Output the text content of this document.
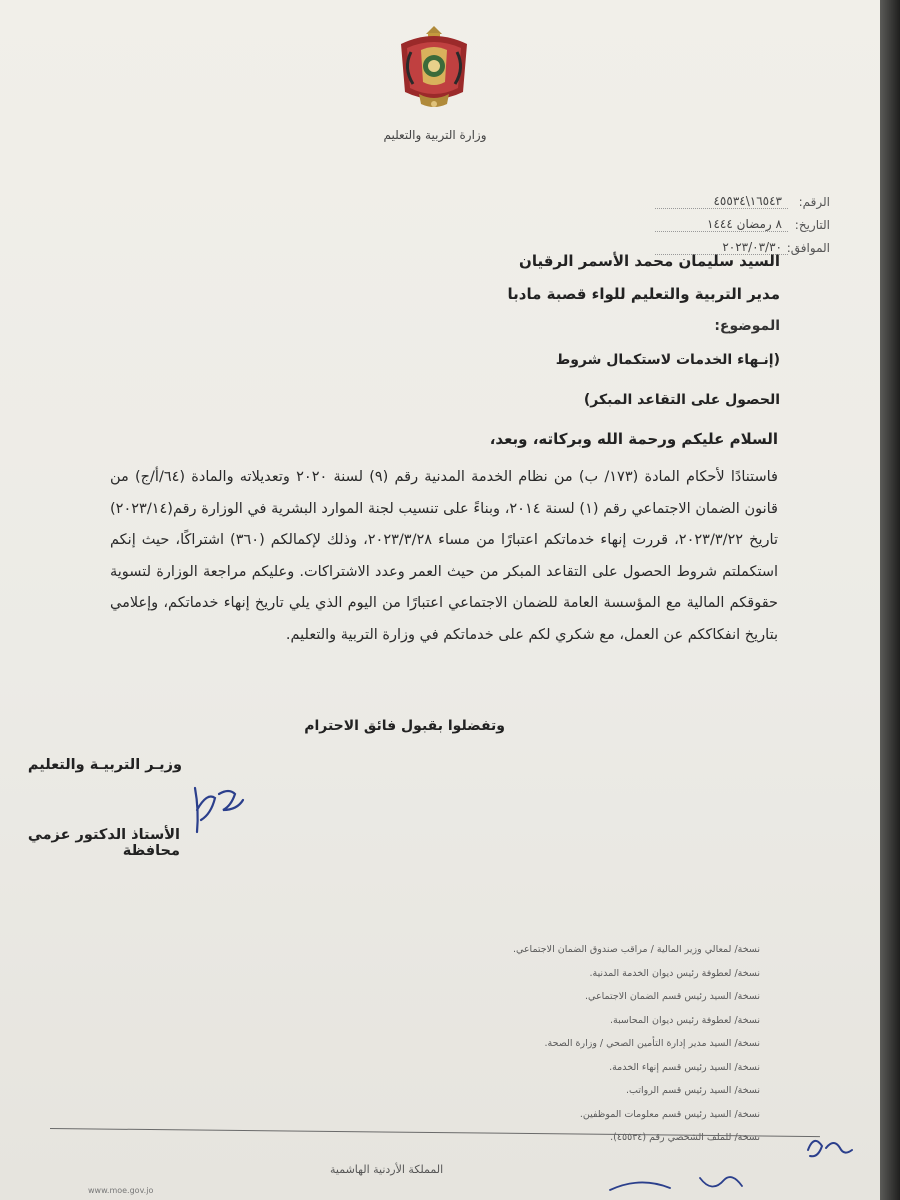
وزارة التربية والتعليم
الرقم:
١٦٥٤٣\٤٥٥٣٤
التاريخ:
٨ رمضان ١٤٤٤
الموافق:
٢٠٢٣/٠٣/٣٠
السيد سليمان محمد الأسمر الرقيان
مدير التربية والتعليم للواء قصبة مادبا
الموضوع:
(إنـهاء الخدمات لاستكمال شروط
الحصول على التقاعد المبكر)
السلام عليكم ورحمة الله وبركاته، وبعد،
فاستنادًا لأحكام المادة (١٧٣/ ب) من نظام الخدمة المدنية رقم (٩) لسنة ٢٠٢٠ وتعديلاته والمادة (٦٤/أ/ج) من قانون الضمان الاجتماعي رقم (١) لسنة ٢٠١٤، وبناءً على تنسيب لجنة الموارد البشرية في الوزارة رقم(٢٠٢٣/١٤) تاريخ ٢٠٢٣/٣/٢٢، قررت إنهاء خدماتكم اعتبارًا من مساء ٢٠٢٣/٣/٢٨، وذلك لإكمالكم (٣٦٠) اشتراكًا، حيث إنكم استكملتم شروط الحصول على التقاعد المبكر من حيث العمر وعدد الاشتراكات. وعليكم مراجعة الوزارة لتسوية حقوقكم المالية مع المؤسسة العامة للضمان الاجتماعي اعتبارًا من اليوم الذي يلي تاريخ إنهاء خدماتكم، وإعلامي بتاريخ انفكاككم عن العمل، مع شكري لكم على خدماتكم في وزارة التربية والتعليم.
وتفضلوا بقبول فائق الاحترام
وزيـر التربيـة والتعليم
الأستاذ الدكتور عزمي محافظة
نسخة/ لمعالي وزير المالية / مراقب صندوق الضمان الاجتماعي.
نسخة/ لعطوفة رئيس ديوان الخدمة المدنية.
نسخة/ السيد رئيس قسم الضمان الاجتماعي.
نسخة/ لعطوفة رئيس ديوان المحاسبة.
نسخة/ السيد مدير إدارة التأمين الصحي / وزارة الصحة.
نسخة/ السيد رئيس قسم إنهاء الخدمة.
نسخة/ السيد رئيس قسم الرواتب.
نسخة/ السيد رئيس قسم معلومات الموظفين.
نسخة/ للملف الشخصي رقم (٤٥٥٣٤).
المملكة الأردنية الهاشمية
www.moe.gov.jo
